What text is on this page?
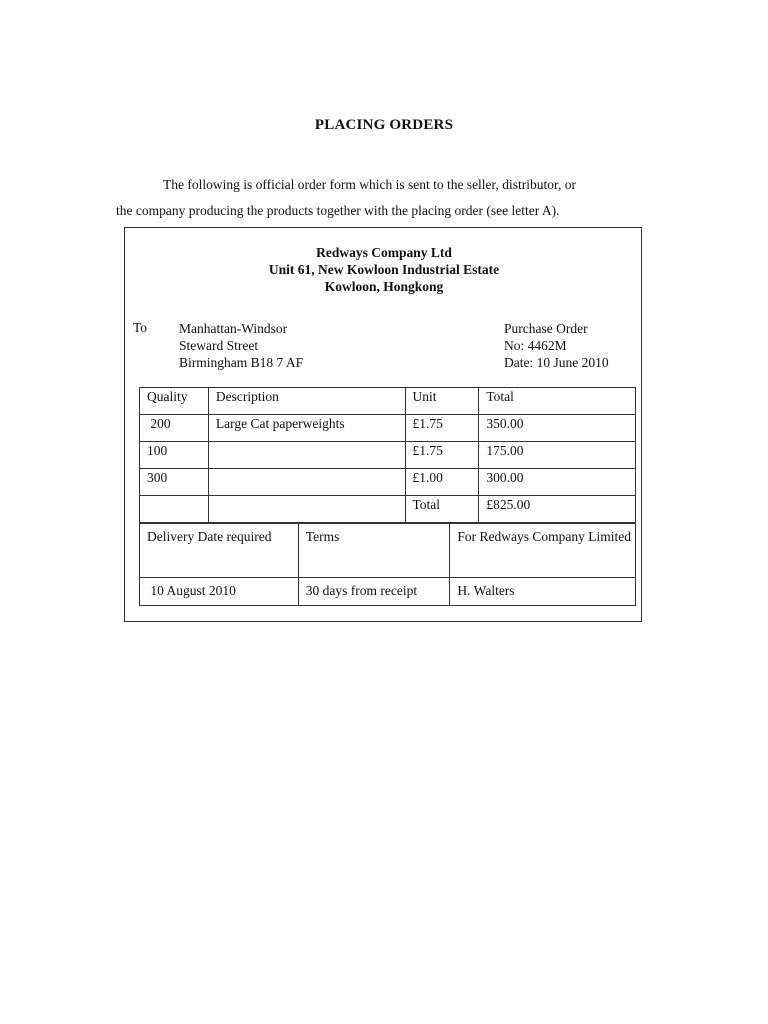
PLACING ORDERS
The following is official order form which is sent to the seller, distributor, or
the company producing the products together with the placing order (see letter A).
Redways Company Ltd
Unit 61, New Kowloon Industrial Estate
Kowloon, Hongkong
To Manhattan-Windsor
Steward Street
Birmingham B18 7 AF
Purchase Order
No: 4462M
Date: 10 June 2010
Quality	Description	Unit	Total
200	Large Cat paperweights	£1.75	350.00
100		£1.75	175.00
300		£1.00	300.00
		Total	£825.00
Delivery Date required	Terms	For Redways Company Limited
10 August 2010	30 days from receipt	H. Walters
